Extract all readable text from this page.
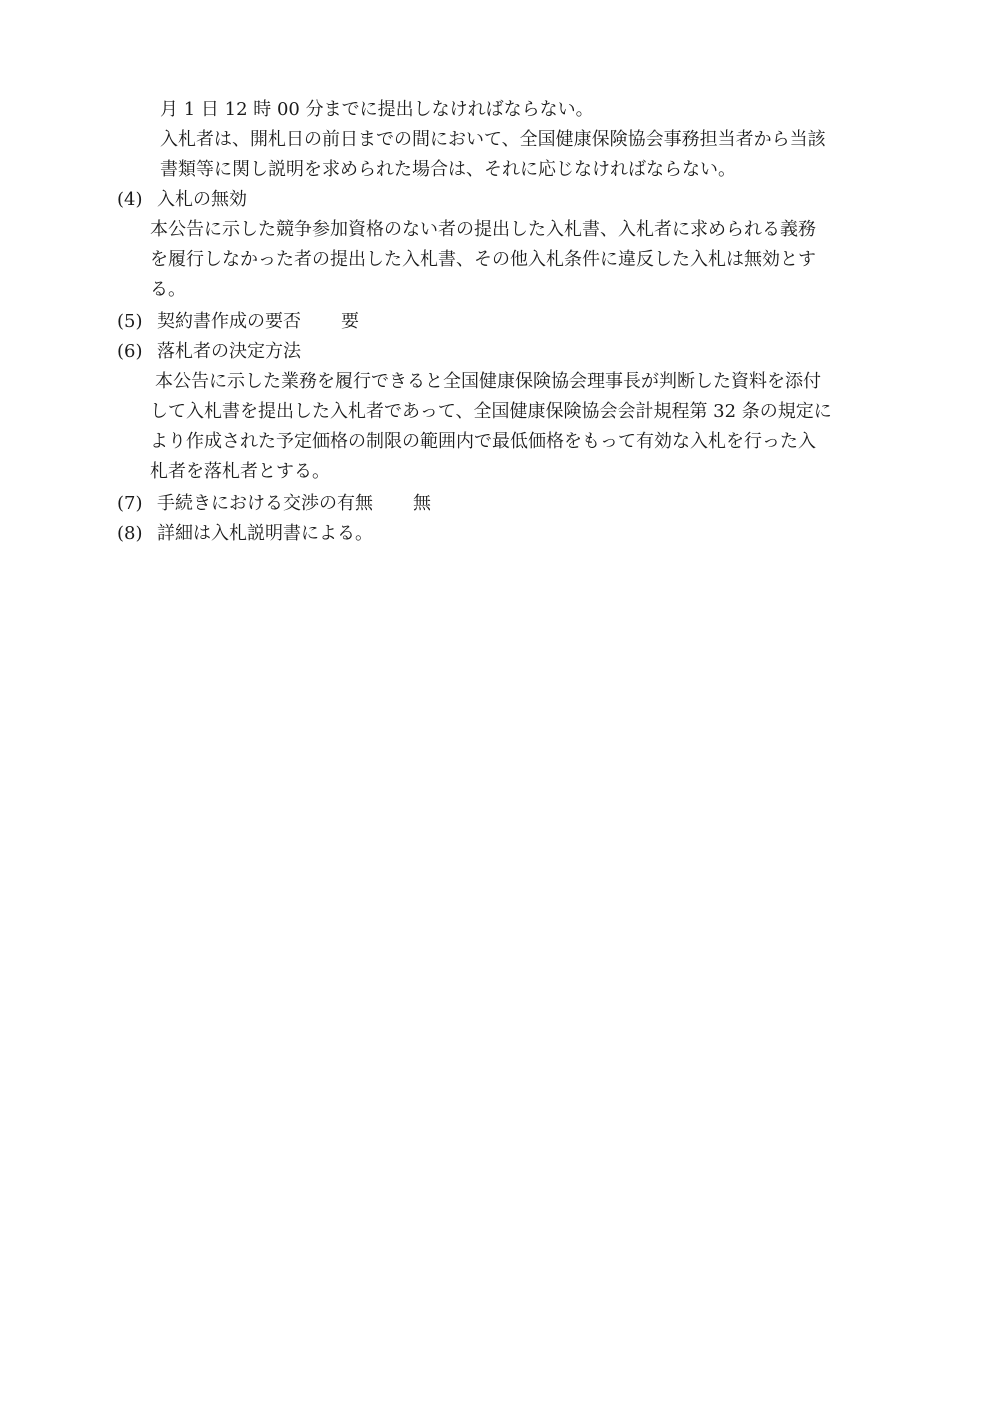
月 1 日 12 時 00 分までに提出しなければならない。
入札者は、開札日の前日までの間において、全国健康保険協会事務担当者から当該
書類等に関し説明を求められた場合は、それに応じなければならない。
(4) 入札の無効
本公告に示した競争参加資格のない者の提出した入札書、入札者に求められる義務
を履行しなかった者の提出した入札書、その他入札条件に違反した入札は無効とす
る。
(5) 契約書作成の要否 要
(6) 落札者の決定方法
本公告に示した業務を履行できると全国健康保険協会理事長が判断した資料を添付
して入札書を提出した入札者であって、全国健康保険協会会計規程第 32 条の規定に
より作成された予定価格の制限の範囲内で最低価格をもって有効な入札を行った入
札者を落札者とする。
(7) 手続きにおける交渉の有無 無
(8) 詳細は入札説明書による。
